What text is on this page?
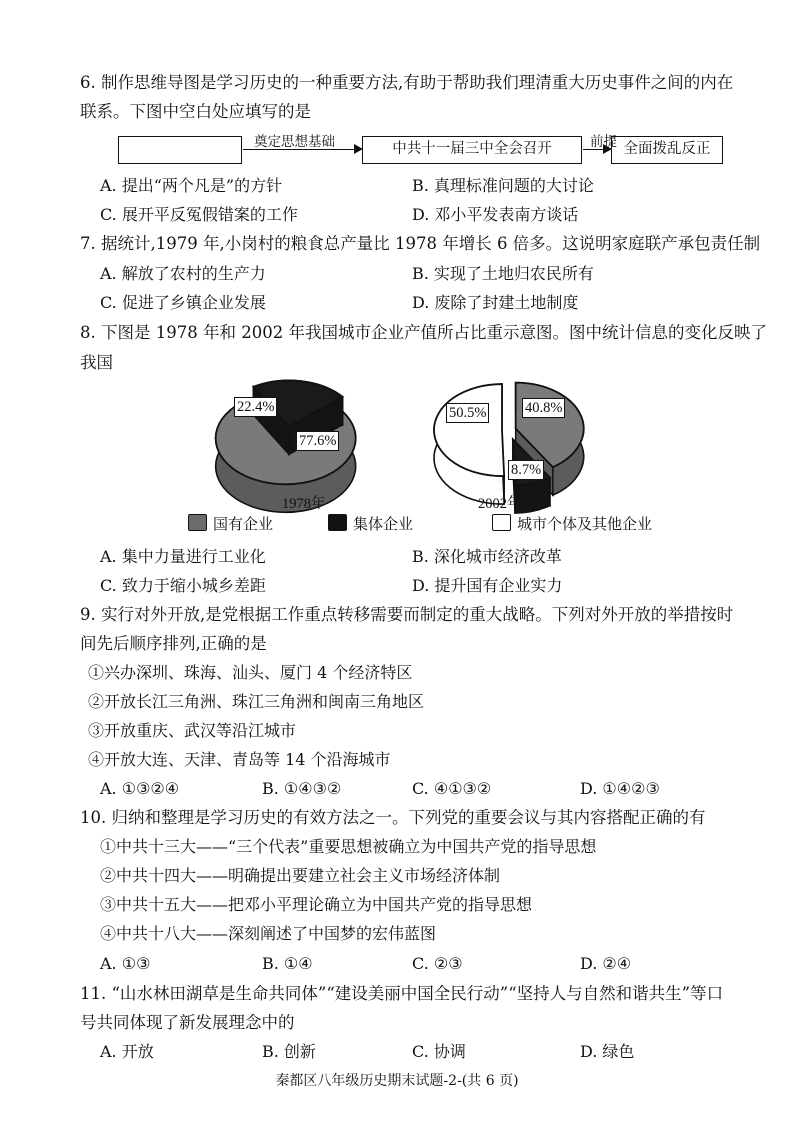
6. 制作思维导图是学习历史的一种重要方法,有助于帮助我们理清重大历史事件之间的内在
联系。下图中空白处应填写的是
奠定思想基础	中共十一届三中全会召开	前提 全面拨乱反正
A. 提出“两个凡是”的方针	B. 真理标准问题的大讨论
C. 展开平反冤假错案的工作	D. 邓小平发表南方谈话
7. 据统计,1979 年,小岗村的粮食总产量比 1978 年增长 6 倍多。这说明家庭联产承包责任制
A. 解放了农村的生产力	B. 实现了土地归农民所有
C. 促进了乡镇企业发展	D. 废除了封建土地制度
8. 下图是 1978 年和 2002 年我国城市企业产值所占比重示意图。图中统计信息的变化反映了
我国
22.4%
77.6%
1978年
50.5%	40.8%
8.7%
2002年
国有企业	集体企业	城市个体及其他企业
A. 集中力量进行工业化	B. 深化城市经济改革
C. 致力于缩小城乡差距	D. 提升国有企业实力
9. 实行对外开放,是党根据工作重点转移需要而制定的重大战略。下列对外开放的举措按时
间先后顺序排列,正确的是
①兴办深圳、珠海、汕头、厦门 4 个经济特区
②开放长江三角洲、珠江三角洲和闽南三角地区
③开放重庆、武汉等沿江城市
④开放大连、天津、青岛等 14 个沿海城市
A. ①③②④	B. ①④③②	C. ④①③②	D. ①④②③
10. 归纳和整理是学习历史的有效方法之一。下列党的重要会议与其内容搭配正确的有
①中共十三大——“三个代表”重要思想被确立为中国共产党的指导思想
②中共十四大——明确提出要建立社会主义市场经济体制
③中共十五大——把邓小平理论确立为中国共产党的指导思想
④中共十八大——深刻阐述了中国梦的宏伟蓝图
A. ①③	B. ①④	C. ②③	D. ②④
11. “山水林田湖草是生命共同体”“建设美丽中国全民行动”“坚持人与自然和谐共生”等口
号共同体现了新发展理念中的
A. 开放	B. 创新	C. 协调	D. 绿色
秦都区八年级历史期末试题-2-(共 6 页)
